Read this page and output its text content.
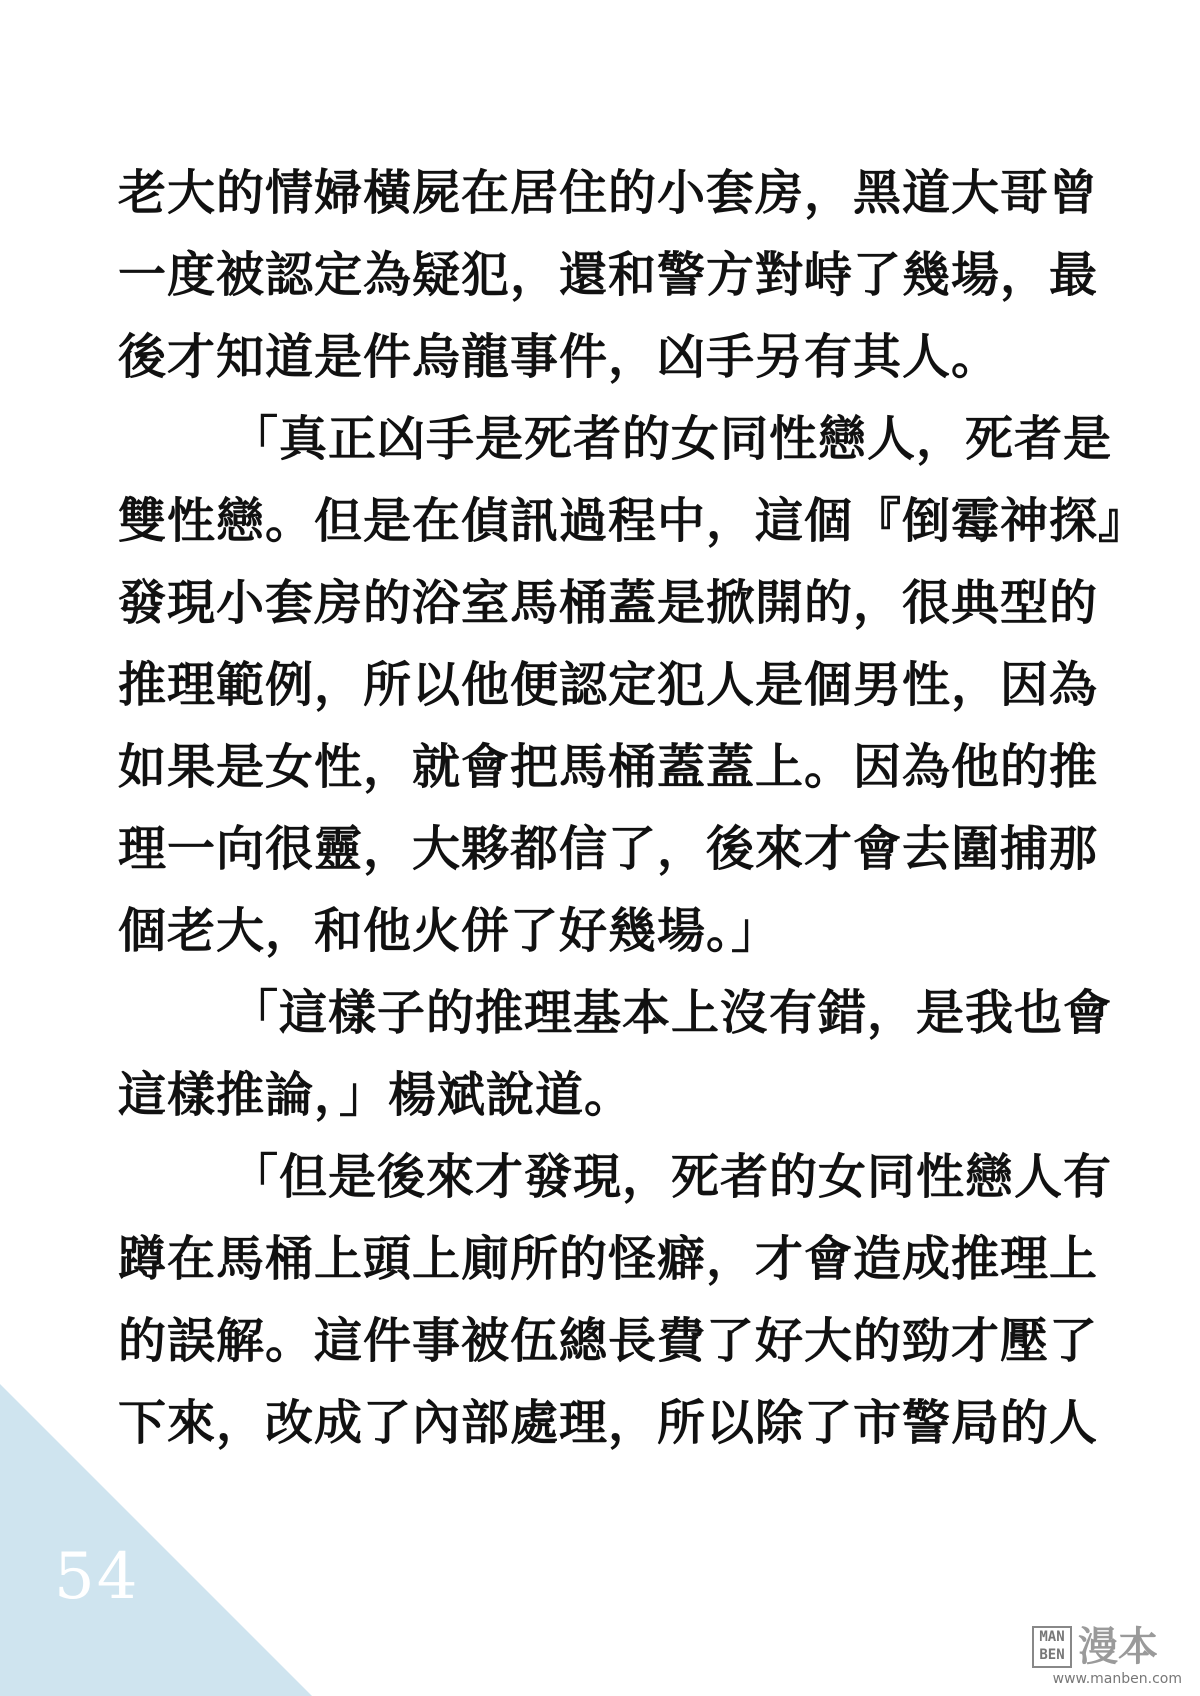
老大的情婦橫屍在居住的小套房，黑道大哥曾
一度被認定為疑犯，還和警方對峙了幾場，最
後才知道是件烏龍事件，凶手另有其人。
「真正凶手是死者的女同性戀人，死者是
雙性戀。但是在偵訊過程中，這個『倒霉神探』
發現小套房的浴室馬桶蓋是掀開的，很典型的
推理範例，所以他便認定犯人是個男性，因為
如果是女性，就會把馬桶蓋蓋上。因為他的推
理一向很靈，大夥都信了，後來才會去圍捕那
個老大，和他火併了好幾場。」
「這樣子的推理基本上沒有錯，是我也會
這樣推論，」楊斌說道。
「但是後來才發現，死者的女同性戀人有
蹲在馬桶上頭上廁所的怪癖，才會造成推理上
的誤解。這件事被伍總長費了好大的勁才壓了
下來，改成了內部處理，所以除了市警局的人
54
MAN
BEN 漫本
www.manben.com
